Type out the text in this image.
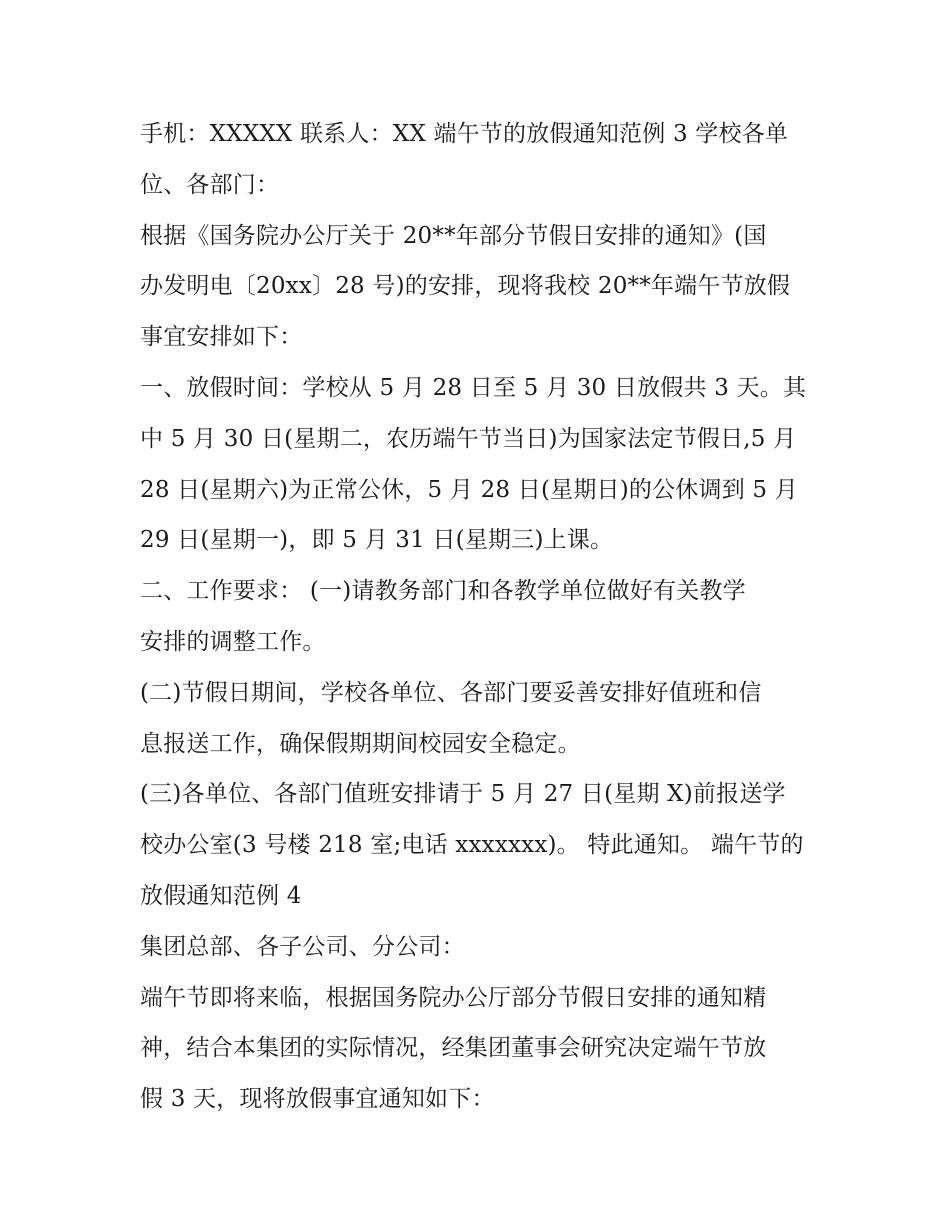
手机：XXXXX 联系人：XX 端午节的放假通知范例 3 学校各单
位、各部门：
根据《国务院办公厅关于 20**年部分节假日安排的通知》(国
办发明电〔20xx〕28 号)的安排，现将我校 20**年端午节放假
事宜安排如下：
一、放假时间：学校从 5 月 28 日至 5 月 30 日放假共 3 天。其
中 5 月 30 日(星期二，农历端午节当日)为国家法定节假日,5 月
28 日(星期六)为正常公休，5 月 28 日(星期日)的公休调到 5 月
29 日(星期一)，即 5 月 31 日(星期三)上课。
二、工作要求： (一)请教务部门和各教学单位做好有关教学
安排的调整工作。
(二)节假日期间，学校各单位、各部门要妥善安排好值班和信
息报送工作，确保假期期间校园安全稳定。
(三)各单位、各部门值班安排请于 5 月 27 日(星期 X)前报送学
校办公室(3 号楼 218 室;电话 xxxxxxx)。 特此通知。 端午节的
放假通知范例 4
集团总部、各子公司、分公司：
端午节即将来临，根据国务院办公厅部分节假日安排的通知精
神，结合本集团的实际情况，经集团董事会研究决定端午节放
假 3 天，现将放假事宜通知如下：
